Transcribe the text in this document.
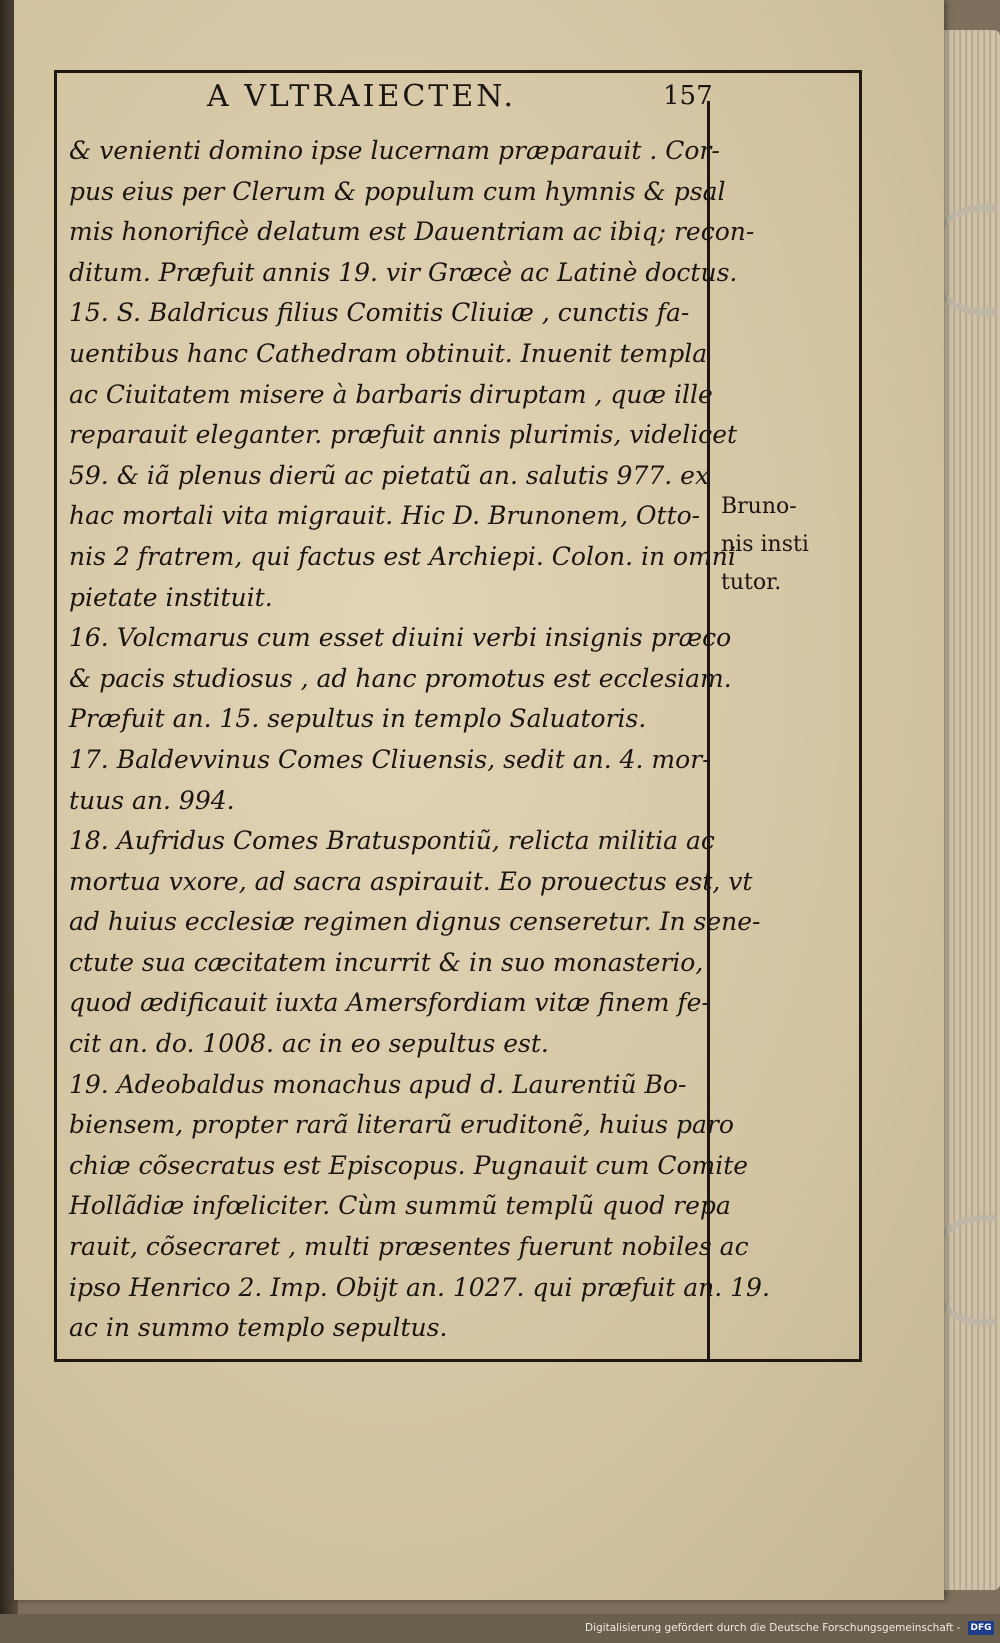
A VLTRAIECTEN.	157
& venienti domino ipse lucernam præparauit . Cor-
pus eius per Clerum & populum cum hymnis & psal
mis honorificè delatum est Dauentriam ac ibiq; recon-
ditum. Præfuit annis 19. vir Græcè ac Latinè doctus.
15. S. Baldricus filius Comitis Cliuiæ , cunctis fa-
uentibus hanc Cathedram obtinuit. Inuenit templa
ac Ciuitatem misere à barbaris diruptam , quæ ille
reparauit eleganter. præfuit annis plurimis, videlicet
59. & iã plenus dierũ ac pietatũ an. salutis 977. ex
hac mortali vita migrauit. Hic D. Brunonem, Otto-
nis 2 fratrem, qui factus est Archiepi. Colon. in omni
pietate instituit.
16. Volcmarus cum esset diuini verbi insignis præco
& pacis studiosus , ad hanc promotus est ecclesiam.
Præfuit an. 15. sepultus in templo Saluatoris.
17. Baldevvinus Comes Cliuensis, sedit an. 4. mor-
tuus an. 994.
18. Aufridus Comes Bratuspontiũ, relicta militia ac
mortua vxore, ad sacra aspirauit. Eo prouectus est, vt
ad huius ecclesiæ regimen dignus censeretur. In sene-
ctute sua cæcitatem incurrit & in suo monasterio,
quod ædificauit iuxta Amersfordiam vitæ finem fe-
cit an. do. 1008. ac in eo sepultus est.
19. Adeobaldus monachus apud d. Laurentiũ Bo-
biensem, propter rarã literarũ eruditonẽ, huius paro
chiæ cõsecratus est Episcopus. Pugnauit cum Comite
Hollãdiæ infœliciter. Cùm summũ templũ quod repa
rauit, cõsecraret , multi præsentes fuerunt nobiles ac
ipso Henrico 2. Imp. Obijt an. 1027. qui præfuit an. 19.
ac in summo templo sepultus.
Bruno-
nis insti
tutor.
Digitalisierung gefördert durch die Deutsche Forschungsgemeinschaft - DFG
